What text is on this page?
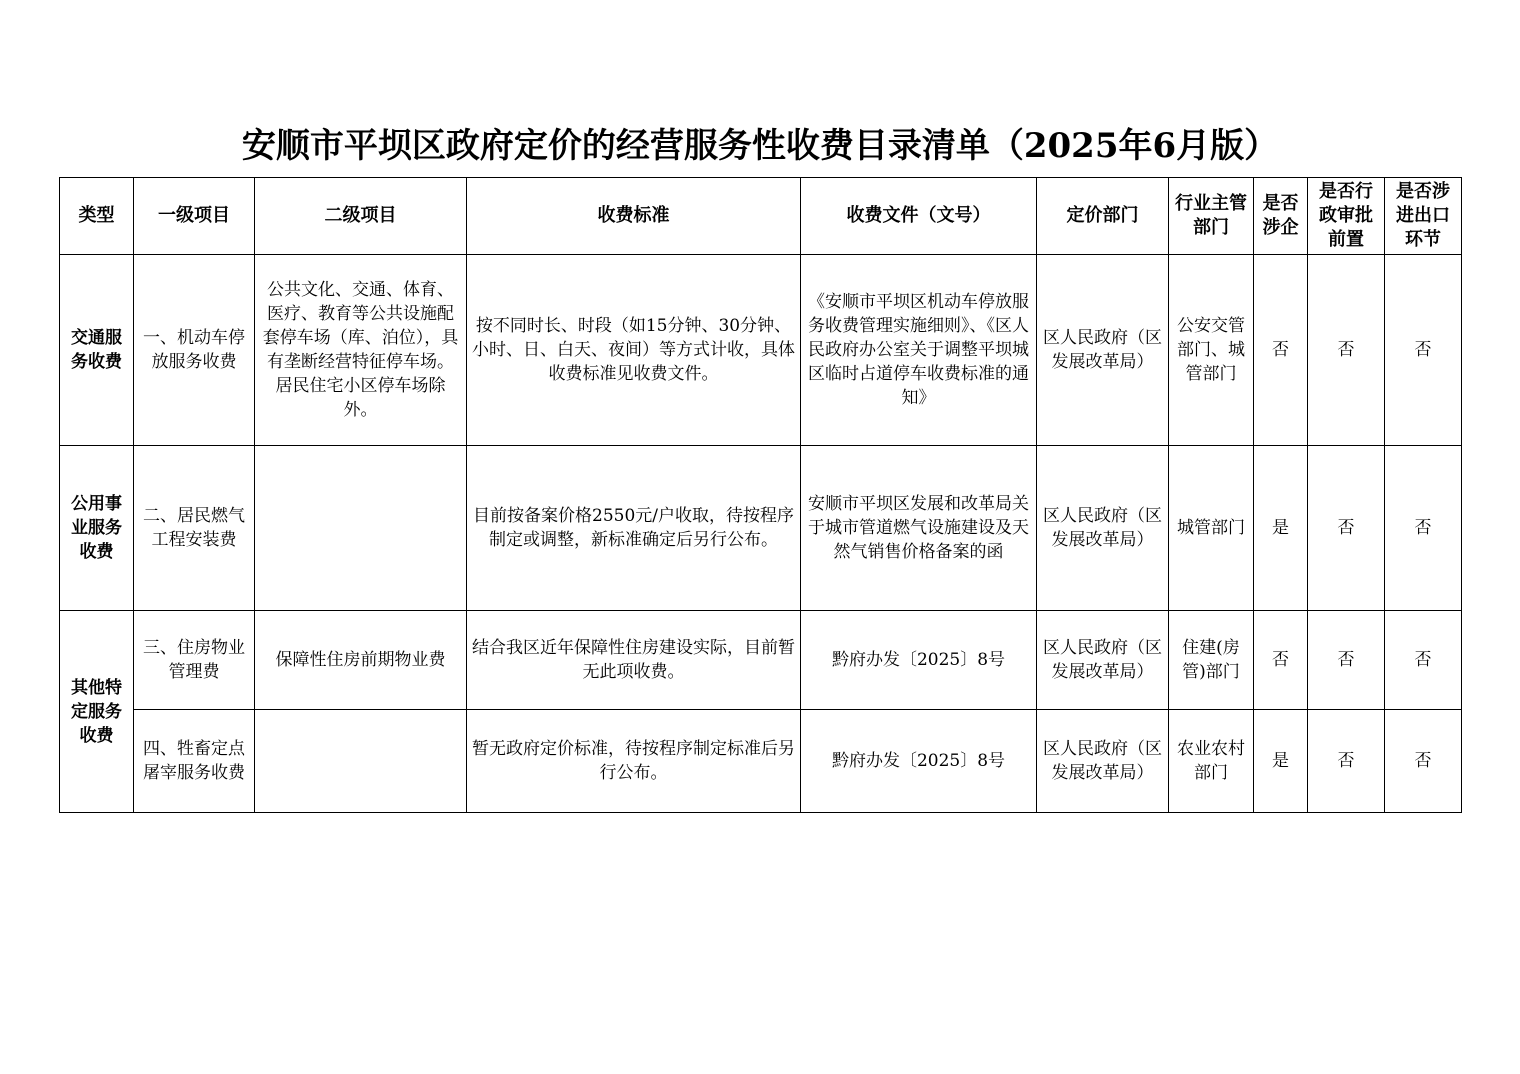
安顺市平坝区政府定价的经营服务性收费目录清单（2025年6月版）
类型	一级项目	二级项目	收费标准	收费文件（文号）	定价部门	行业主管部门	是否涉企	是否行政审批前置	是否涉进出口环节
交通服务收费	一、机动车停放服务收费	公共文化、交通、体育、医疗、教育等公共设施配套停车场（库、泊位），具有垄断经营特征停车场。居民住宅小区停车场除外。	按不同时长、时段（如15分钟、30分钟、小时、日、白天、夜间）等方式计收，具体收费标准见收费文件。	《安顺市平坝区机动车停放服务收费管理实施细则》、《区人民政府办公室关于调整平坝城区临时占道停车收费标准的通知》	区人民政府（区发展改革局）	公安交管部门、城管部门	否	否	否
公用事业服务收费	二、居民燃气工程安装费		目前按备案价格2550元/户收取，待按程序制定或调整，新标准确定后另行公布。	安顺市平坝区发展和改革局关于城市管道燃气设施建设及天然气销售价格备案的函	区人民政府（区发展改革局）	城管部门	是	否	否
其他特定服务收费	三、住房物业管理费	保障性住房前期物业费	结合我区近年保障性住房建设实际，目前暂无此项收费。	黔府办发〔2025〕8号	区人民政府（区发展改革局）	住建(房管)部门	否	否	否
	四、牲畜定点屠宰服务收费		暂无政府定价标准，待按程序制定标准后另行公布。	黔府办发〔2025〕8号	区人民政府（区发展改革局）	农业农村部门	是	否	否
